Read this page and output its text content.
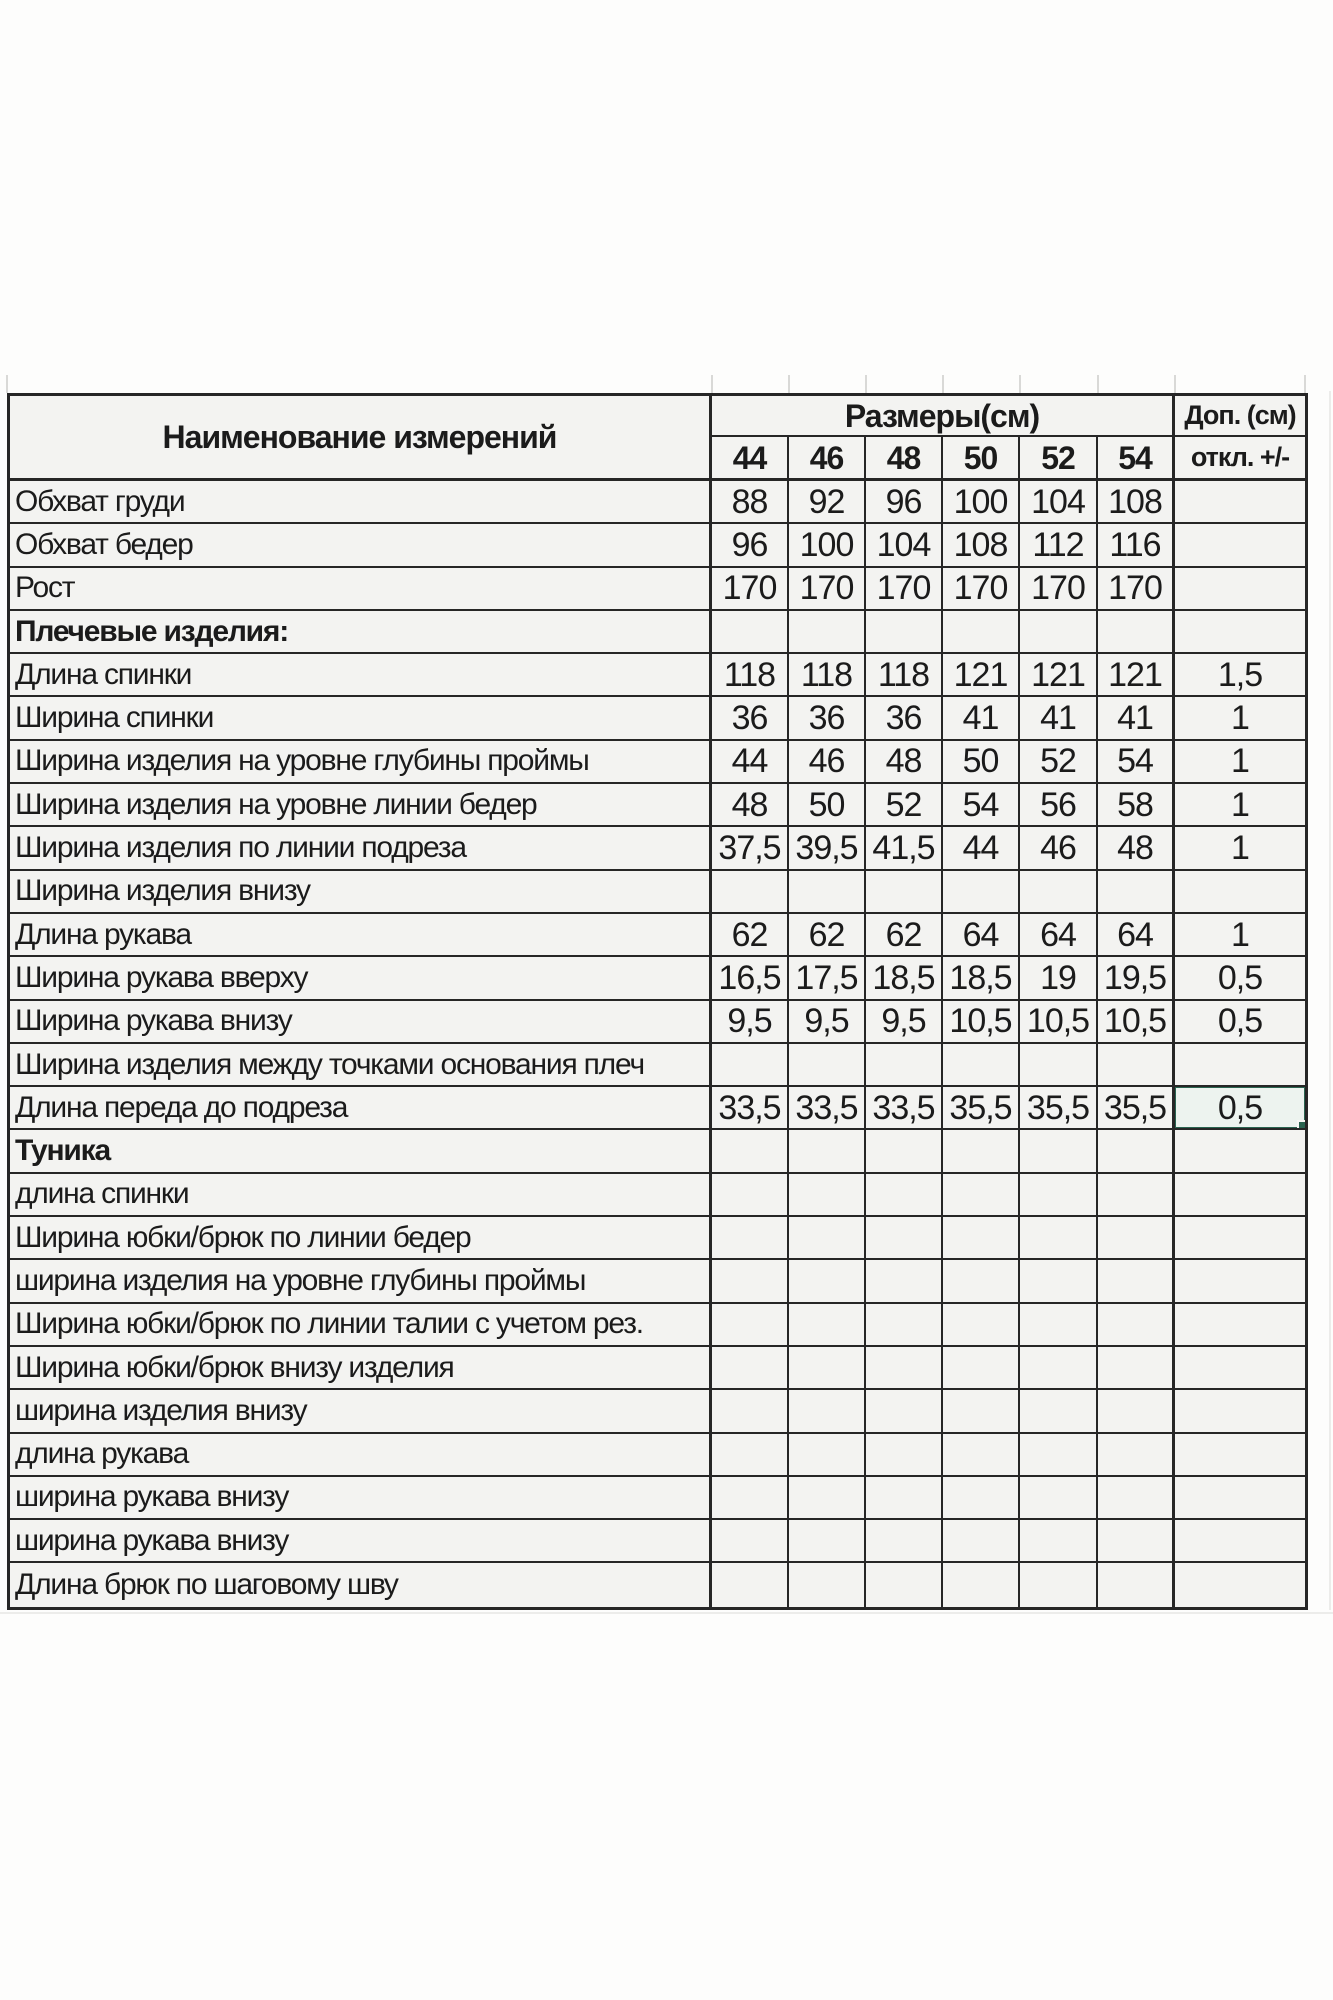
Наименование измерений
Размеры(см)	Доп. (см)
откл. +/-
44	46	48	50	52	54
Обхват груди	88	92	96 100 104 108
Обхват бедер	96 100 104 108 112 116
Рост	170 170 170 170 170 170
Плечевые изделия:
Длина спинки	118 118 118 121 121 121	1,5
Ширина спинки	36	36	36	41	41	41	1
Ширина изделия на уровне глубины проймы	44	46	48	50	52	54	1
Ширина изделия на уровне линии бедер	48	50	52	54	56	58	1
Ширина изделия по линии подреза	37,5 39,5 41,5 44	46	48	1
Ширина изделия внизу
Длина рукава	62	62	62	64	64	64	1
Ширина рукава вверху	16,5 17,5 18,5 18,5 19 19,5	0,5
Ширина рукава внизу	9,5 9,5 9,5 10,5 10,5 10,5	0,5
Ширина изделия между точками основания плеч
Длина переда до подреза	33,5 33,5 33,5 35,5 35,5 35,5	0,5
Туника
длина спинки
Ширина юбки/брюк по линии бедер
ширина изделия на уровне глубины проймы
Ширина юбки/брюк по линии талии с учетом рез.
Ширина юбки/брюк внизу изделия
ширина изделия внизу
длина рукава
ширина рукава внизу
ширина рукава внизу
Длина брюк по шаговому шву
